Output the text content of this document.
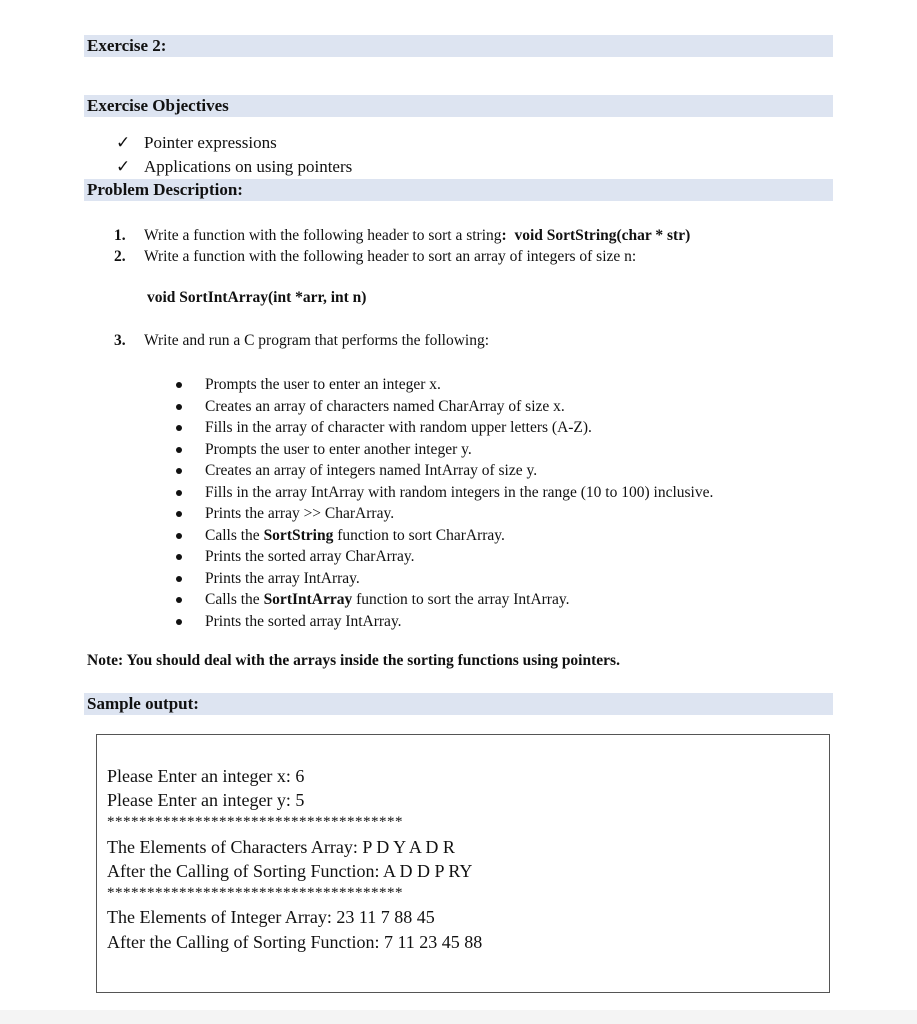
Exercise 2:
Exercise Objectives
✓ Pointer expressions
✓ Applications on using pointers
Problem Description:
1. Write a function with the following header to sort a string: void SortString(char * str)
2. Write a function with the following header to sort an array of integers of size n:
void SortIntArray(int *arr, int n)
3. Write and run a C program that performs the following:
Prompts the user to enter an integer x.
Creates an array of characters named CharArray of size x.
Fills in the array of character with random upper letters (A-Z).
Prompts the user to enter another integer y.
Creates an array of integers named IntArray of size y.
Fills in the array IntArray with random integers in the range (10 to 100) inclusive.
Prints the array >> CharArray.
Calls the SortString function to sort CharArray.
Prints the sorted array CharArray.
Prints the array IntArray.
Calls the SortIntArray function to sort the array IntArray.
Prints the sorted array IntArray.
Note: You should deal with the arrays inside the sorting functions using pointers.
Sample output:
Please Enter an integer x: 6
Please Enter an integer y: 5
*************************************
The Elements of Characters Array: P D Y A D R
After the Calling of Sorting Function: A D D P RY
*************************************
The Elements of Integer Array: 23 11 7 88 45
After the Calling of Sorting Function: 7 11 23 45 88
